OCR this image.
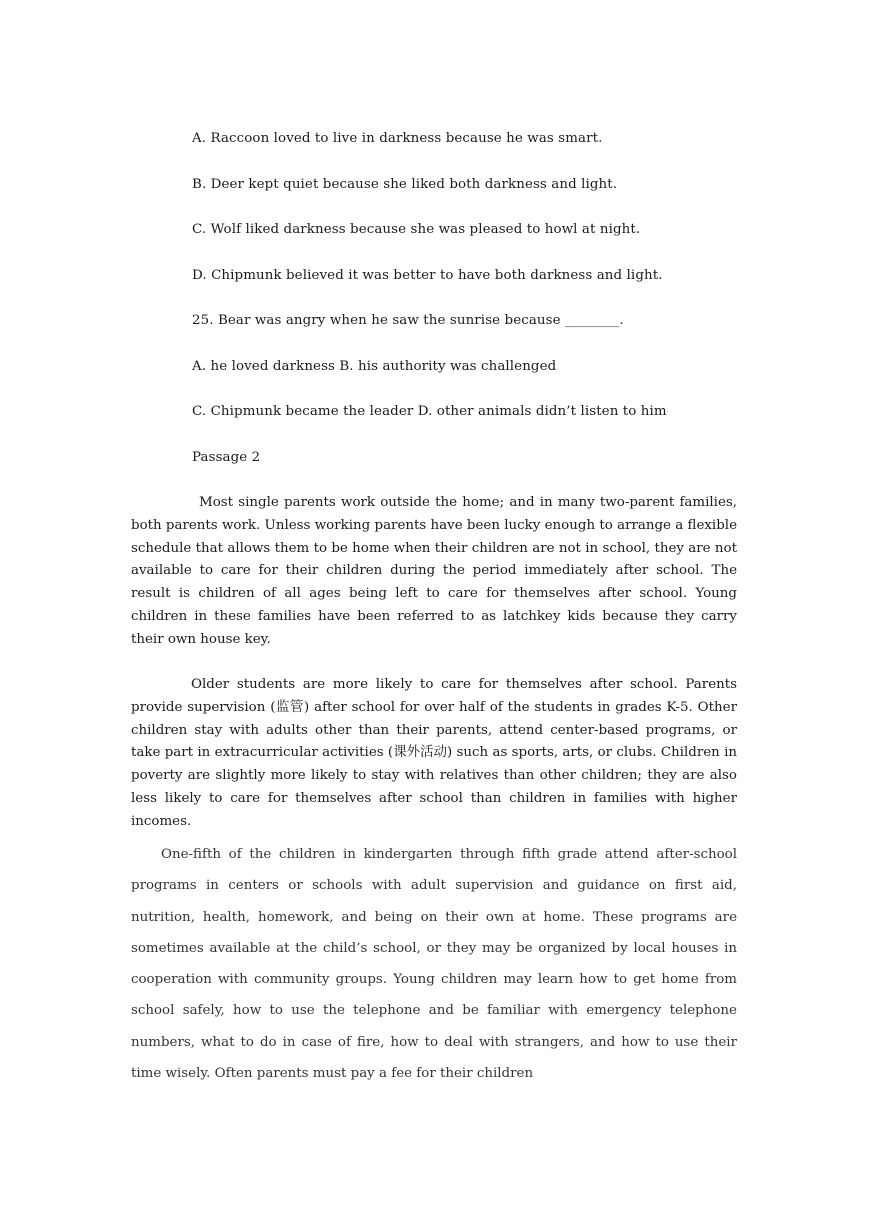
A. Raccoon loved to live in darkness because he was smart.

B. Deer kept quiet because she liked both darkness and light.

C. Wolf liked darkness because she was pleased to howl at night.

D. Chipmunk believed it was better to have both darkness and light.

25. Bear was angry when he saw the sunrise because ________.

A. he loved darkness B. his authority was challenged

C. Chipmunk became the leader D. other animals didn’t listen to him

Passage 2

Most single parents work outside the home; and in many two-parent families, both parents work. Unless working parents have been lucky enough to arrange a flexible schedule that allows them to be home when their children are not in school, they are not available to care for their children during the period immediately after school. The result is children of all ages being left to care for themselves after school. Young children in these families have been referred to as latchkey kids because they carry their own house key.

Older students are more likely to care for themselves after school. Parents provide supervision (监管) after school for over half of the students in grades K-5. Other children stay with adults other than their parents, attend center-based programs, or take part in extracurricular activities (课外活动) such as sports, arts, or clubs. Children in poverty are slightly more likely to stay with relatives than other children; they are also less likely to care for themselves after school than children in families with higher incomes.

One-fifth of the children in kindergarten through fifth grade attend after-school programs in centers or schools with adult supervision and guidance on first aid, nutrition, health, homework, and being on their own at home. These programs are sometimes available at the child’s school, or they may be organized by local houses in cooperation with community groups. Young children may learn how to get home from school safely, how to use the telephone and be familiar with emergency telephone numbers, what to do in case of fire, how to deal with strangers, and how to use their time wisely. Often parents must pay a fee for their children
